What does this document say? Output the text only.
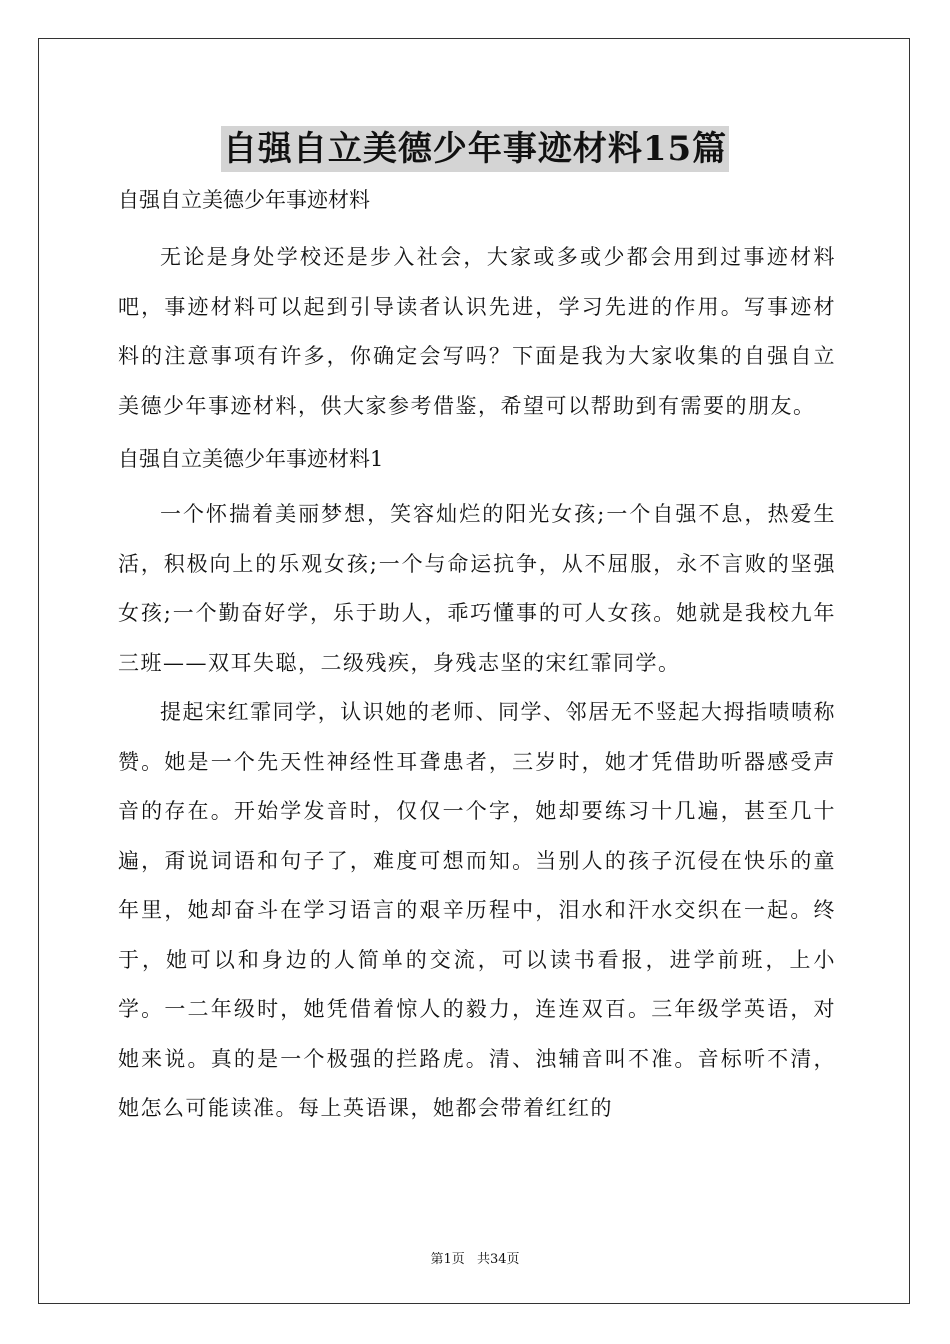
自强自立美德少年事迹材料15篇

自强自立美德少年事迹材料

无论是身处学校还是步入社会，大家或多或少都会用到过事迹材料吧，事迹材料可以起到引导读者认识先进，学习先进的作用。写事迹材料的注意事项有许多，你确定会写吗？下面是我为大家收集的自强自立美德少年事迹材料，供大家参考借鉴，希望可以帮助到有需要的朋友。

自强自立美德少年事迹材料1

一个怀揣着美丽梦想，笑容灿烂的阳光女孩;一个自强不息，热爱生活，积极向上的乐观女孩;一个与命运抗争，从不屈服，永不言败的坚强女孩;一个勤奋好学，乐于助人，乖巧懂事的可人女孩。她就是我校九年三班——双耳失聪，二级残疾，身残志坚的宋红霏同学。

提起宋红霏同学，认识她的老师、同学、邻居无不竖起大拇指啧啧称赞。她是一个先天性神经性耳聋患者，三岁时，她才凭借助听器感受声音的存在。开始学发音时，仅仅一个字，她却要练习十几遍，甚至几十遍，甭说词语和句子了，难度可想而知。当别人的孩子沉侵在快乐的童年里，她却奋斗在学习语言的艰辛历程中，泪水和汗水交织在一起。终于，她可以和身边的人简单的交流，可以读书看报，进学前班，上小学。一二年级时，她凭借着惊人的毅力，连连双百。三年级学英语，对她来说。真的是一个极强的拦路虎。清、浊辅音叫不准。音标听不清，她怎么可能读准。每上英语课，她都会带着红红的

第1页 共34页
